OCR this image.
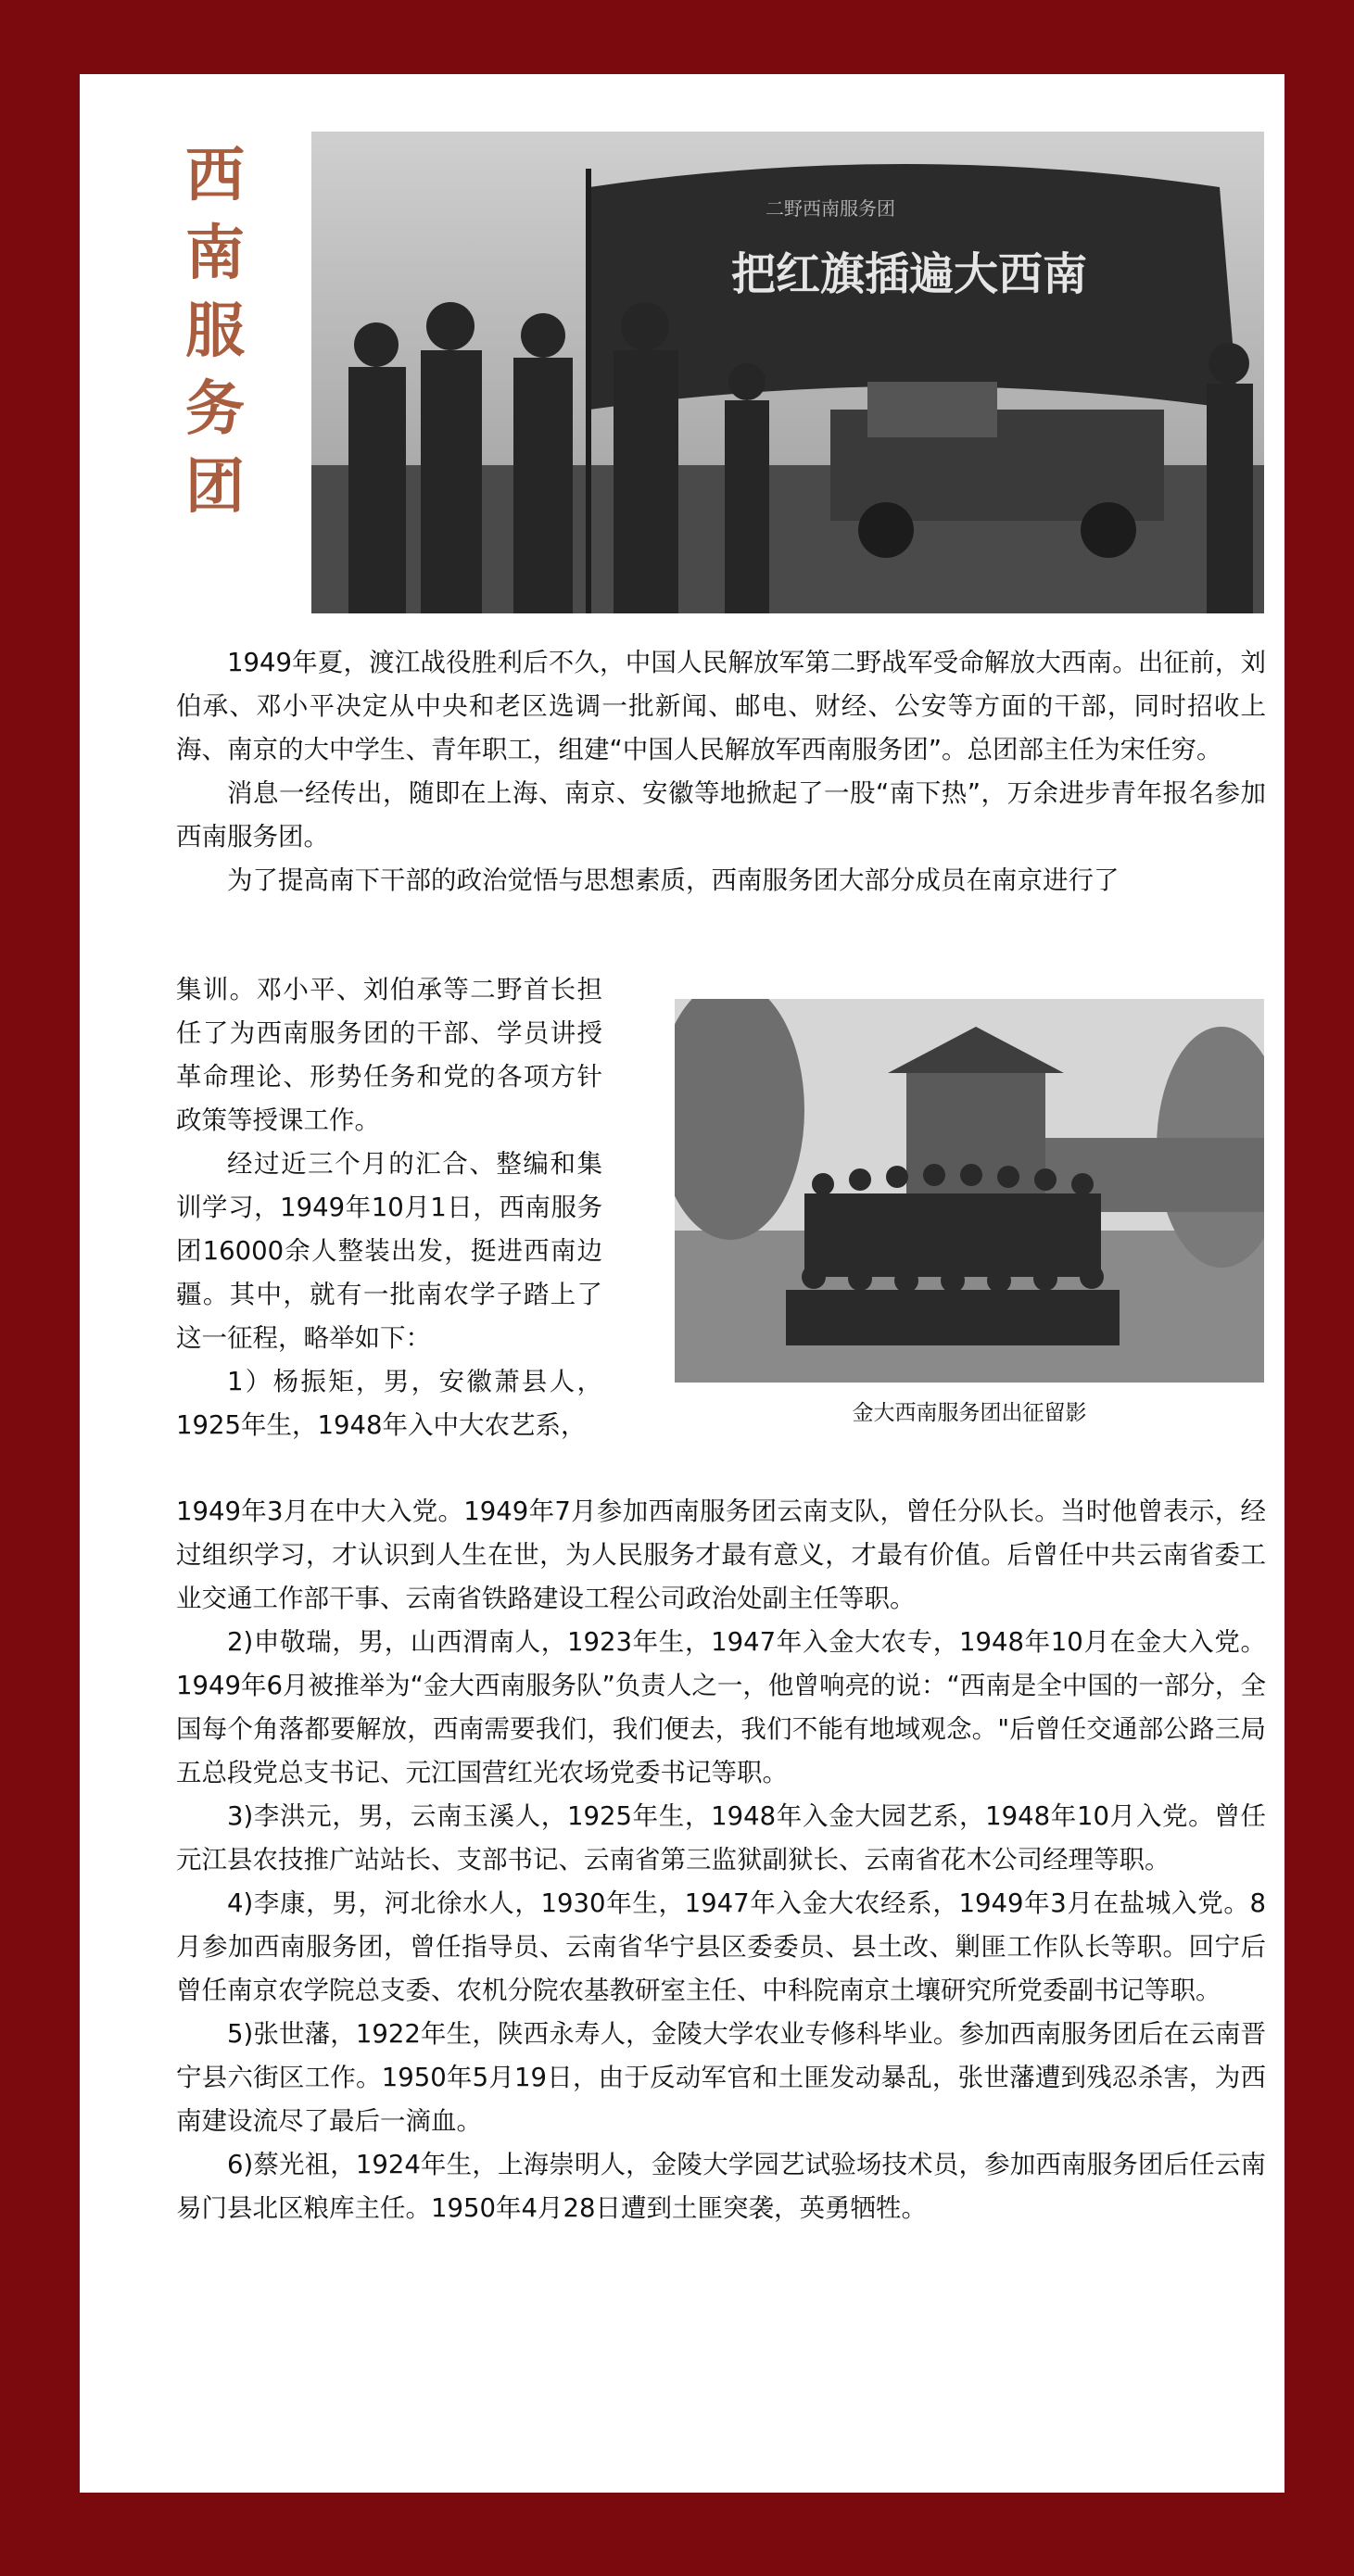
西南
服务
团
把红旗插遍大西南
二野西南服务团

1949年夏，渡江战役胜利后不久，中国人民解放军第二野战军受命解放大西南。出征前，刘伯承、邓小平决定从中央和老区选调一批新闻、邮电、财经、公安等方面的干部，同时招收上海、南京的大中学生、青年职工，组建“中国人民解放军西南服务团”。总团部主任为宋任穷。

消息一经传出，随即在上海、南京、安徽等地掀起了一股“南下热”，万余进步青年报名参加西南服务团。

为了提高南下干部的政治觉悟与思想素质，西南服务团大部分成员在南京进行了

集训。邓小平、刘伯承等二野首长担任了为西南服务团的干部、学员讲授革命理论、形势任务和党的各项方针政策等授课工作。

经过近三个月的汇合、整编和集训学习，1949年10月1日，西南服务团16000余人整装出发，挺进西南边疆。其中，就有一批南农学子踏上了这一征程，略举如下：

1）杨振矩，男，安徽萧县人，1925年生，1948年入中大农艺系，	金大西南服务团出征留影

1949年3月在中大入党。1949年7月参加西南服务团云南支队，曾任分队长。当时他曾表示，经过组织学习，才认识到人生在世，为人民服务才最有意义，才最有价值。后曾任中共云南省委工业交通工作部干事、云南省铁路建设工程公司政治处副主任等职。

2)申敬瑞，男，山西渭南人，1923年生，1947年入金大农专，1948年10月在金大入党。1949年6月被推举为“金大西南服务队”负责人之一，他曾响亮的说：“西南是全中国的一部分，全国每个角落都要解放，西南需要我们，我们便去，我们不能有地域观念。"后曾任交通部公路三局五总段党总支书记、元江国营红光农场党委书记等职。

3)李洪元，男，云南玉溪人，1925年生，1948年入金大园艺系，1948年10月入党。曾任元江县农技推广站站长、支部书记、云南省第三监狱副狱长、云南省花木公司经理等职。

4)李康，男，河北徐水人，1930年生，1947年入金大农经系，1949年3月在盐城入党。8月参加西南服务团，曾任指导员、云南省华宁县区委委员、县土改、剿匪工作队长等职。回宁后曾任南京农学院总支委、农机分院农基教研室主任、中科院南京土壤研究所党委副书记等职。

5)张世藩，1922年生，陕西永寿人，金陵大学农业专修科毕业。参加西南服务团后在云南晋宁县六街区工作。1950年5月19日，由于反动军官和土匪发动暴乱，张世藩遭到残忍杀害，为西南建设流尽了最后一滴血。

6)蔡光祖，1924年生，上海崇明人，金陵大学园艺试验场技术员，参加西南服务团后任云南易门县北区粮库主任。1950年4月28日遭到土匪突袭，英勇牺牲。
